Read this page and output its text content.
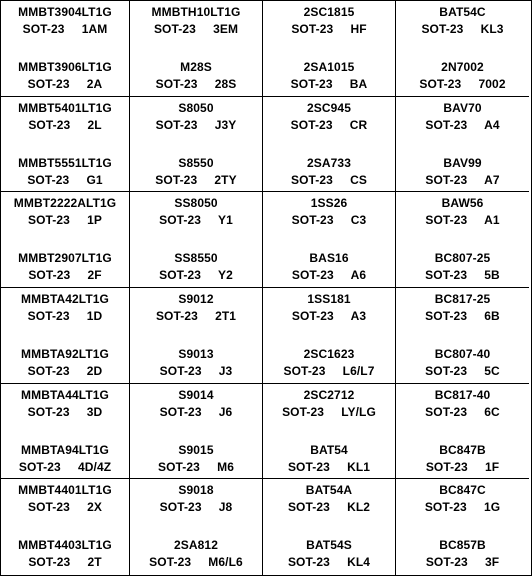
MMBT3904LT1G
SOT-23 1AM
MMBT3906LT1G
SOT-23 2A
MMBTH10LT1G
SOT-23 3EM
M28S
SOT-23 28S
2SC1815
SOT-23 HF
2SA1015
SOT-23 BA
BAT54C
SOT-23 KL3
2N7002
SOT-23 7002
MMBT5401LT1G
SOT-23 2L
MMBT5551LT1G
SOT-23 G1
S8050
SOT-23 J3Y
S8550
SOT-23 2TY
2SC945
SOT-23 CR
2SA733
SOT-23 CS
BAV70
SOT-23 A4
BAV99
SOT-23 A7
MMBT2222ALT1G
SOT-23 1P
MMBT2907LT1G
SOT-23 2F
SS8050
SOT-23 Y1
SS8550
SOT-23 Y2
1SS26
SOT-23 C3
BAS16
SOT-23 A6
BAW56
SOT-23 A1
BC807-25
SOT-23 5B
MMBTA42LT1G
SOT-23 1D
MMBTA92LT1G
SOT-23 2D
S9012
SOT-23 2T1
S9013
SOT-23 J3
1SS181
SOT-23 A3
2SC1623
SOT-23 L6/L7
BC817-25
SOT-23 6B
BC807-40
SOT-23 5C
MMBTA44LT1G
SOT-23 3D
MMBTA94LT1G
SOT-23 4D/4Z
S9014
SOT-23 J6
S9015
SOT-23 M6
2SC2712
SOT-23 LY/LG
BAT54
SOT-23 KL1
BC817-40
SOT-23 6C
BC847B
SOT-23 1F
MMBT4401LT1G
SOT-23 2X
MMBT4403LT1G
SOT-23 2T
S9018
SOT-23 J8
2SA812
SOT-23 M6/L6
BAT54A
SOT-23 KL2
BAT54S
SOT-23 KL4
BC847C
SOT-23 1G
BC857B
SOT-23 3F
